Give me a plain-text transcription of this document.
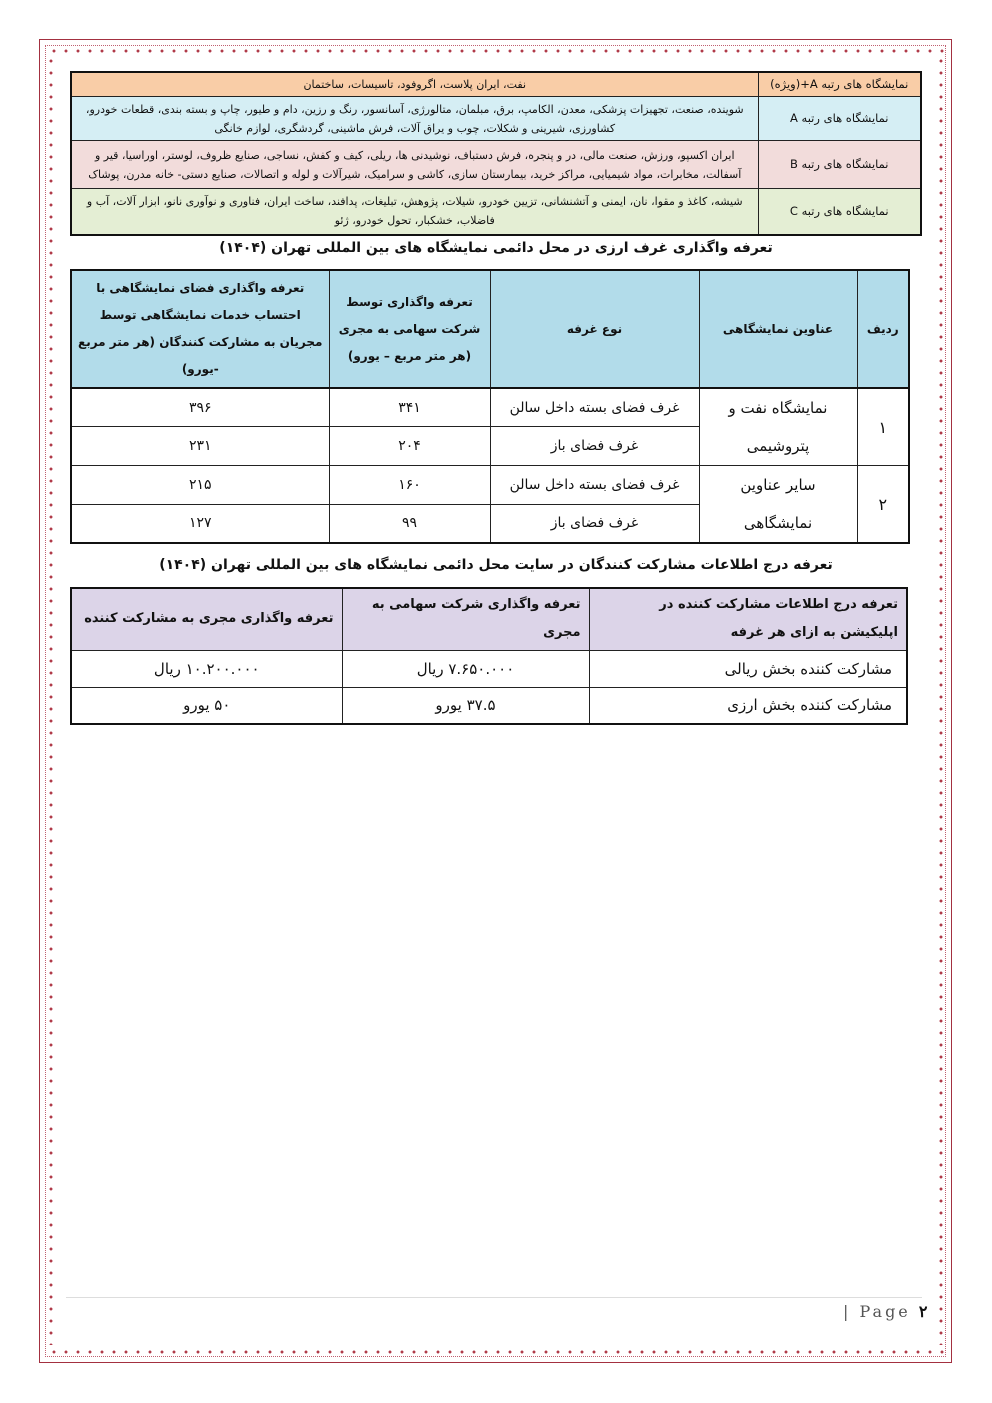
نمایشگاه های رتبه A+(ویژه)	نفت، ایران پلاست، اگروفود، تاسیسات، ساختمان
نمایشگاه های رتبه A	شوینده، صنعت، تجهیزات پزشکی، معدن، الکامپ، برق، مبلمان، متالورژی، آسانسور، رنگ و رزین، دام و طیور، چاپ و بسته بندی، قطعات خودرو، کشاورزی، شیرینی و شکلات، چوب و یراق آلات، فرش ماشینی، گردشگری، لوازم خانگی
نمایشگاه های رتبه B	ایران اکسپو، ورزش، صنعت مالی، در و پنجره، فرش دستباف، نوشیدنی ها، ریلی، کیف و کفش، نساجی، صنایع ظروف، لوستر، اوراسیا، قیر و آسفالت، مخابرات، مواد شیمیایی، مراکز خرید، بیمارستان سازی، کاشی و سرامیک، شیرآلات و لوله و اتصالات، صنایع دستی- خانه مدرن، پوشاک
نمایشگاه های رتبه C	شیشه، کاغذ و مقوا، نان، ایمنی و آتشنشانی، تزیین خودرو، شیلات، پژوهش، تبلیغات، پدافند، ساخت ایران، فناوری و نوآوری نانو، ابزار آلات، آب و فاضلاب، خشکبار، تحول خودرو، ژئو
تعرفه واگذاری غرف ارزی در محل دائمی نمایشگاه های بین المللی تهران (۱۴۰۴)
ردیف	عناوین نمایشگاهی	نوع غرفه	تعرفه واگذاری توسط شرکت سهامی به مجری (هر متر مربع – یورو)	تعرفه واگذاری فضای نمایشگاهی با احتساب خدمات نمایشگاهی توسط مجریان به مشارکت کنندگان (هر متر مربع -یورو)
۱	نمایشگاه نفت و پتروشیمی	غرف فضای بسته داخل سالن	۳۴۱	۳۹۶
		غرف فضای باز	۲۰۴	۲۳۱
۲	سایر عناوین نمایشگاهی	غرف فضای بسته داخل سالن	۱۶۰	۲۱۵
		غرف فضای باز	۹۹	۱۲۷
تعرفه درج اطلاعات مشارکت کنندگان در سایت محل دائمی نمایشگاه های بین المللی تهران (۱۴۰۴)
تعرفه درج اطلاعات مشارکت کننده در اپلیکیشن به ازای هر غرفه	تعرفه واگذاری شرکت سهامی به مجری	تعرفه واگذاری مجری به مشارکت کننده
مشارکت کننده بخش ریالی	۷.۶۵۰.۰۰۰ ریال	۱۰.۲۰۰.۰۰۰ ریال
مشارکت کننده بخش ارزی	۳۷.۵ یورو	۵۰ یورو
| Page ۲
